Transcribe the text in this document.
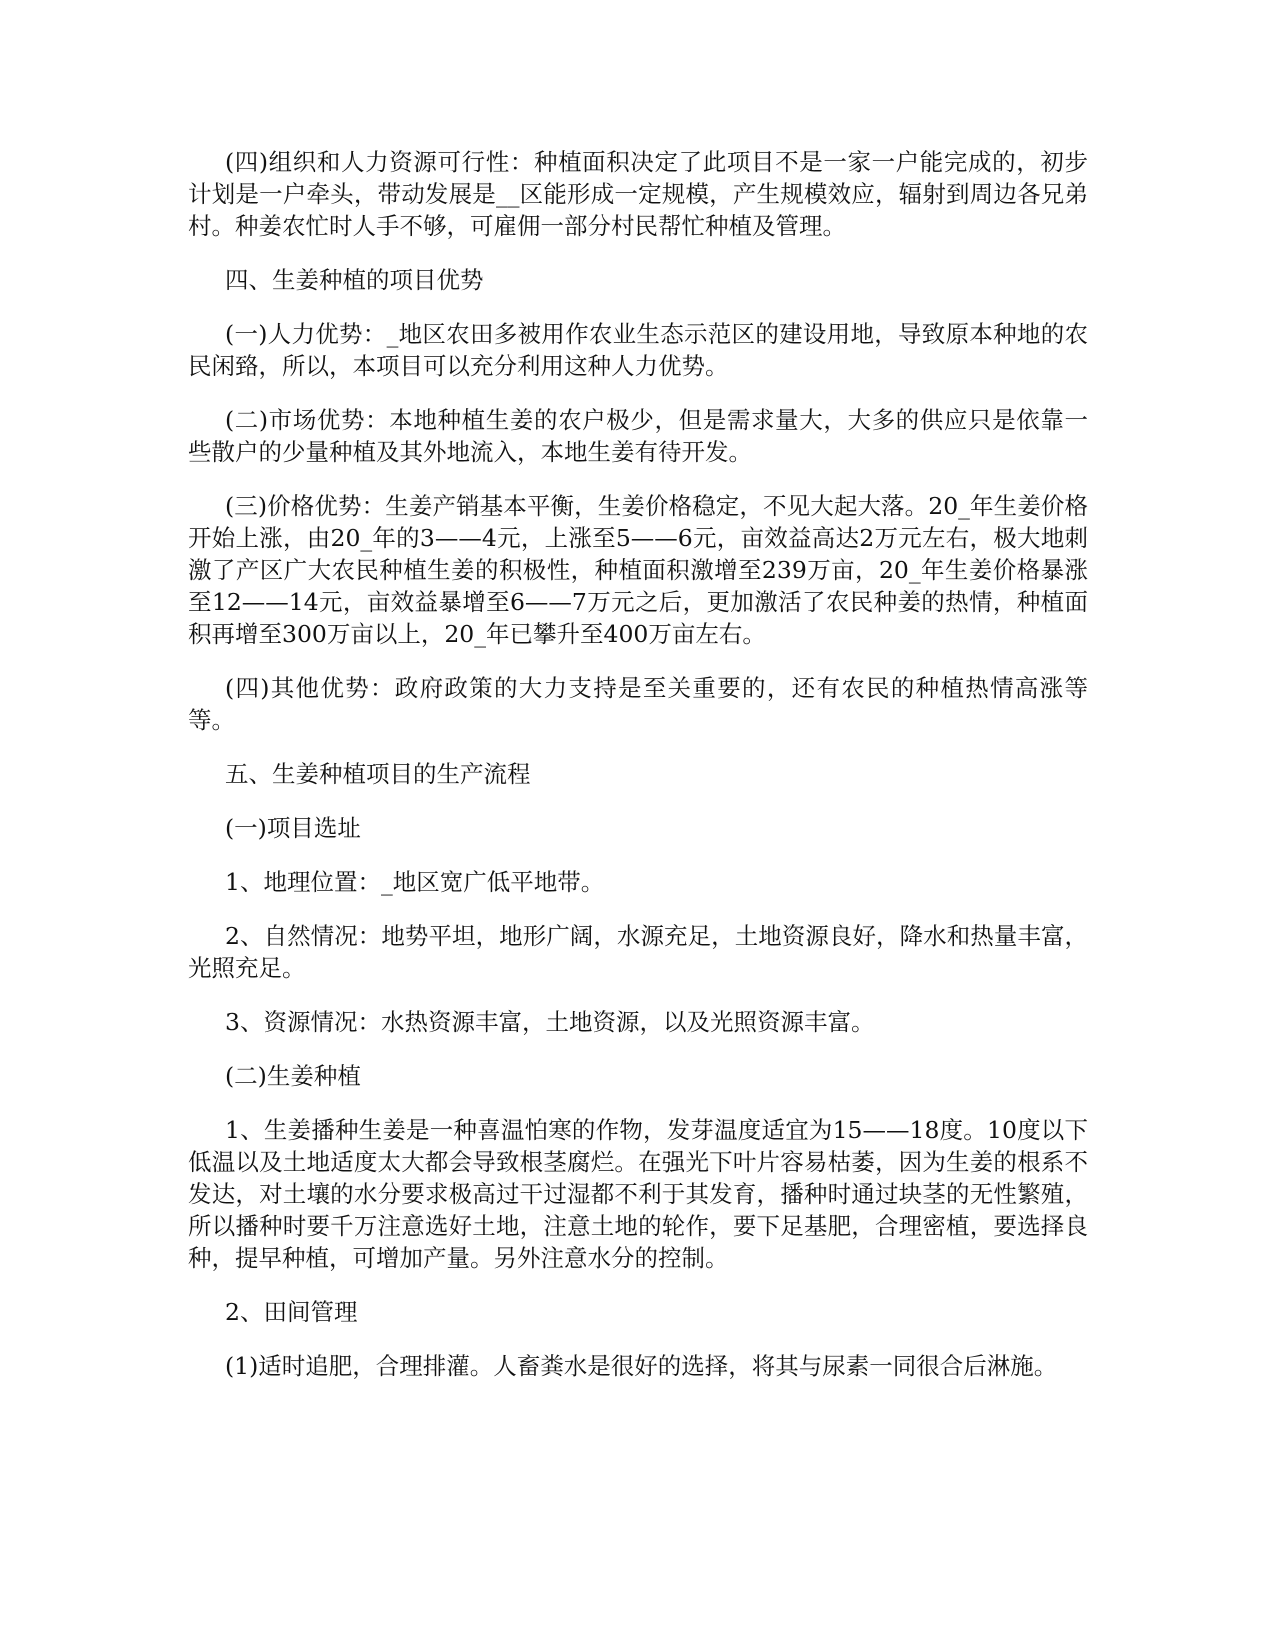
(四)组织和人力资源可行性：种植面积决定了此项目不是一家一户能完成的，初步计划是一户牵头，带动发展是__区能形成一定规模，产生规模效应，辐射到周边各兄弟村。种姜农忙时人手不够，可雇佣一部分村民帮忙种植及管理。

四、生姜种植的项目优势

(一)人力优势：_地区农田多被用作农业生态示范区的建设用地，导致原本种地的农民闲臵，所以，本项目可以充分利用这种人力优势。

(二)市场优势：本地种植生姜的农户极少，但是需求量大，大多的供应只是依靠一些散户的少量种植及其外地流入，本地生姜有待开发。

(三)价格优势：生姜产销基本平衡，生姜价格稳定，不见大起大落。20_年生姜价格开始上涨，由20_年的3——4元，上涨至5——6元，亩效益高达2万元左右，极大地刺激了产区广大农民种植生姜的积极性，种植面积激增至239万亩，20_年生姜价格暴涨至12——14元，亩效益暴增至6——7万元之后，更加激活了农民种姜的热情，种植面积再增至300万亩以上，20_年已攀升至400万亩左右。

(四)其他优势：政府政策的大力支持是至关重要的，还有农民的种植热情高涨等等。

五、生姜种植项目的生产流程

(一)项目选址

1、地理位置：_地区宽广低平地带。

2、自然情况：地势平坦，地形广阔，水源充足，土地资源良好，降水和热量丰富，光照充足。

3、资源情况：水热资源丰富，土地资源，以及光照资源丰富。

(二)生姜种植

1、生姜播种生姜是一种喜温怕寒的作物，发芽温度适宜为15——18度。10度以下低温以及土地适度太大都会导致根茎腐烂。在强光下叶片容易枯萎，因为生姜的根系不发达，对土壤的水分要求极高过干过湿都不利于其发育，播种时通过块茎的无性繁殖，所以播种时要千万注意选好土地，注意土地的轮作，要下足基肥，合理密植，要选择良种，提早种植，可增加产量。另外注意水分的控制。

2、田间管理

(1)适时追肥，合理排灌。人畜粪水是很好的选择，将其与尿素一同很合后淋施。
